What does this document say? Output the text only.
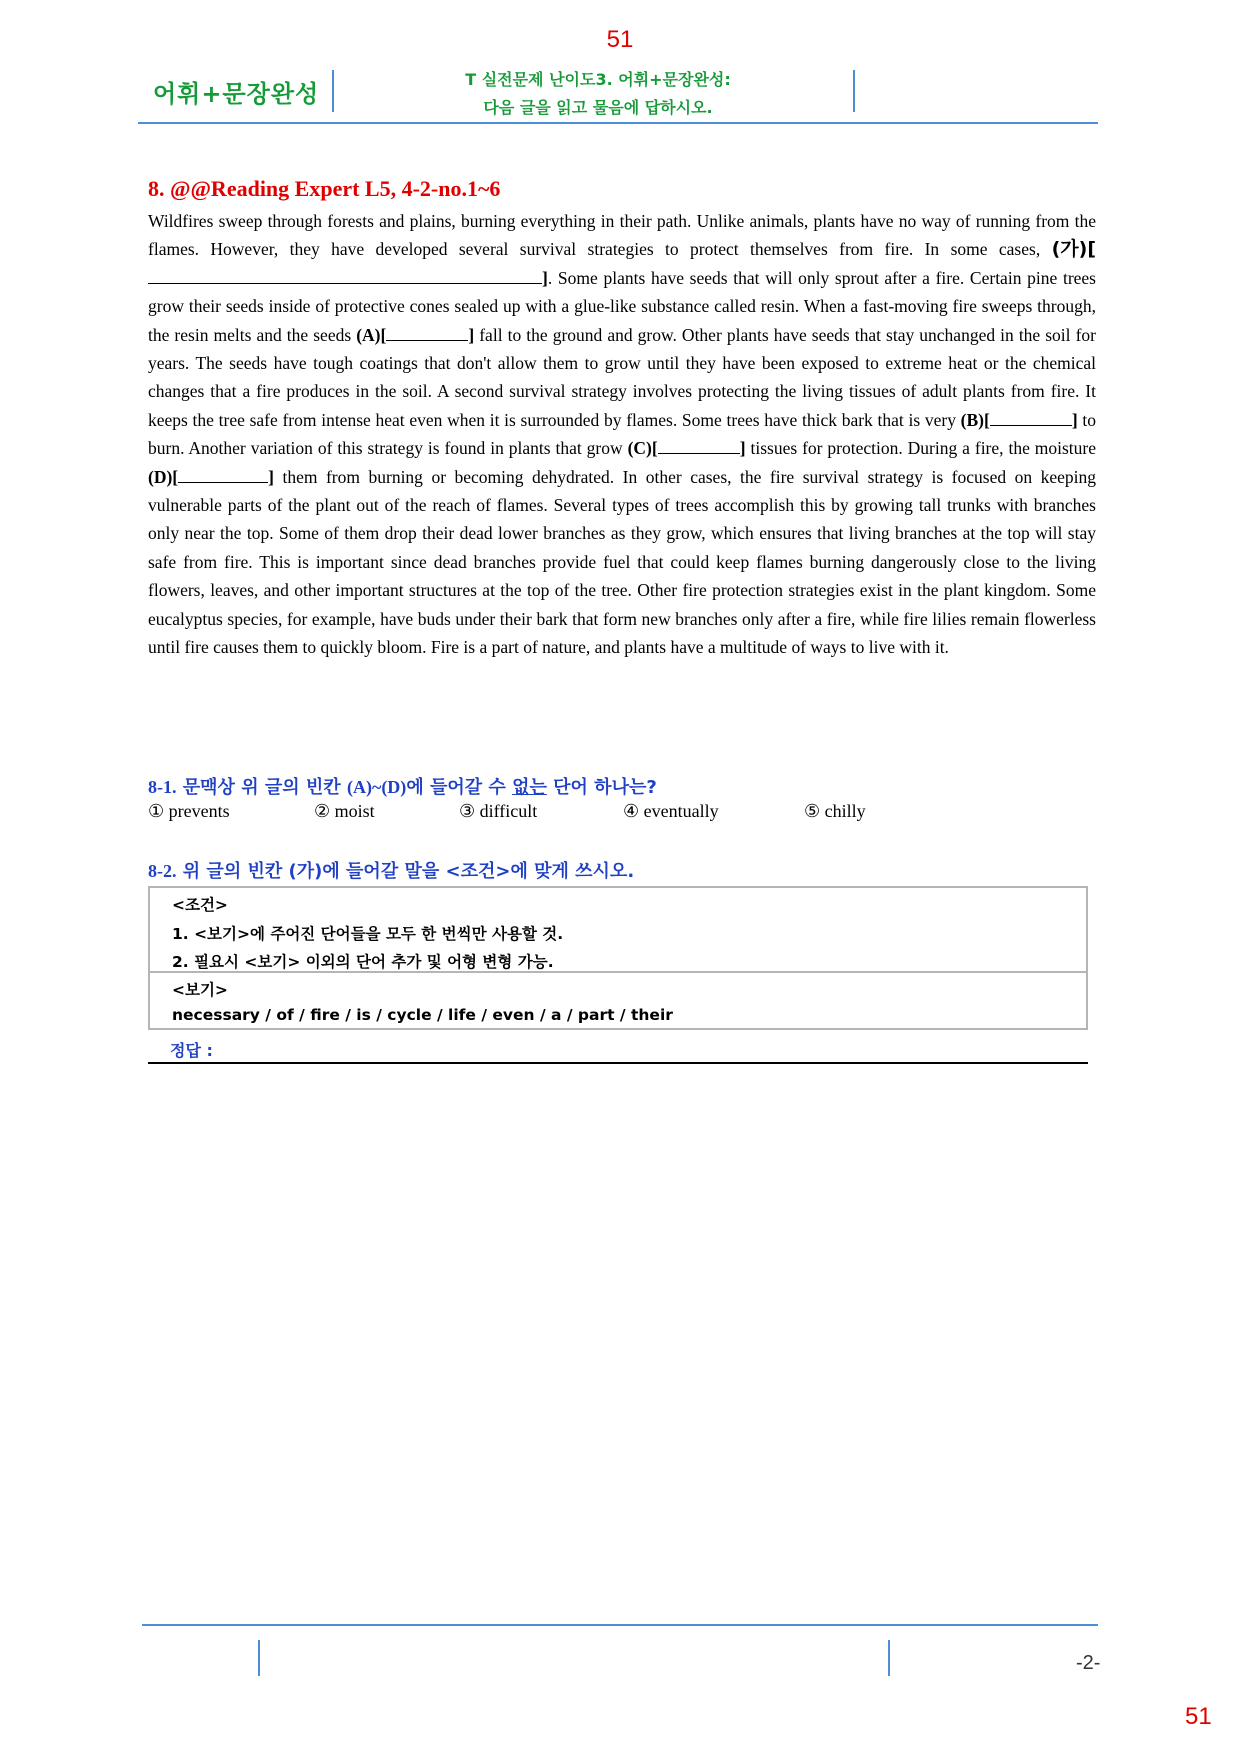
51
어휘+문장완성
T 실전문제 난이도3. 어휘+문장완성:
다음 글을 읽고 물음에 답하시오.
8. @@Reading Expert L5, 4-2-no.1~6

Wildfires sweep through forests and plains, burning everything in their path. Unlike animals, plants have no way of running from the flames. However, they have developed several survival strategies to protect themselves from fire. In some cases, (가)[]. Some plants have seeds that will only sprout after a fire. Certain pine trees grow their seeds inside of protective cones sealed up with a glue-like substance called resin. When a fast-moving fire sweeps through, the resin melts and the seeds (A)[	] fall to the ground and grow. Other plants have seeds that stay unchanged in the soil for years. The seeds have tough coatings that don't allow them to grow until they have been exposed to extreme heat or the chemical changes that a fire produces in the soil. A second survival strategy involves protecting the living tissues of adult plants from fire. It keeps the tree safe from intense heat even when it is surrounded by flames. Some trees have thick bark that is very (B)[	] to burn. Another variation of this strategy is found in plants that grow (C)[	] tissues for protection. During a fire, the moisture (D)[	] them from burning or becoming dehydrated. In other cases, the fire survival strategy is focused on keeping vulnerable parts of the plant out of the reach of flames. Several types of trees accomplish this by growing tall trunks with branches only near the top. Some of them drop their dead lower branches as they grow, which ensures that living branches at the top will stay safe from fire. This is important since dead branches provide fuel that could keep flames burning dangerously close to the living flowers, leaves, and other important structures at the top of the tree. Other fire protection strategies exist in the plant kingdom. Some eucalyptus species, for example, have buds under their bark that form new branches only after a fire, while fire lilies remain flowerless until fire causes them to quickly bloom. Fire is a part of nature, and plants have a multitude of ways to live with it.

8-1. 문맥상 위 글의 빈칸 (A)~(D)에 들어갈 수 없는 단어 하나는?
① prevents	② moist	③ difficult	④ eventually	⑤ chilly
8-2. 위 글의 빈칸 (가)에 들어갈 말을 <조건>에 맞게 쓰시오.
<조건>
1. <보기>에 주어진 단어들을 모두 한 번씩만 사용할 것.
2. 필요시 <보기> 이외의 단어 추가 및 어형 변형 가능.
<보기>
necessary / of / fire / is / cycle / life / even / a / part / their
정답 :
-2-
51
